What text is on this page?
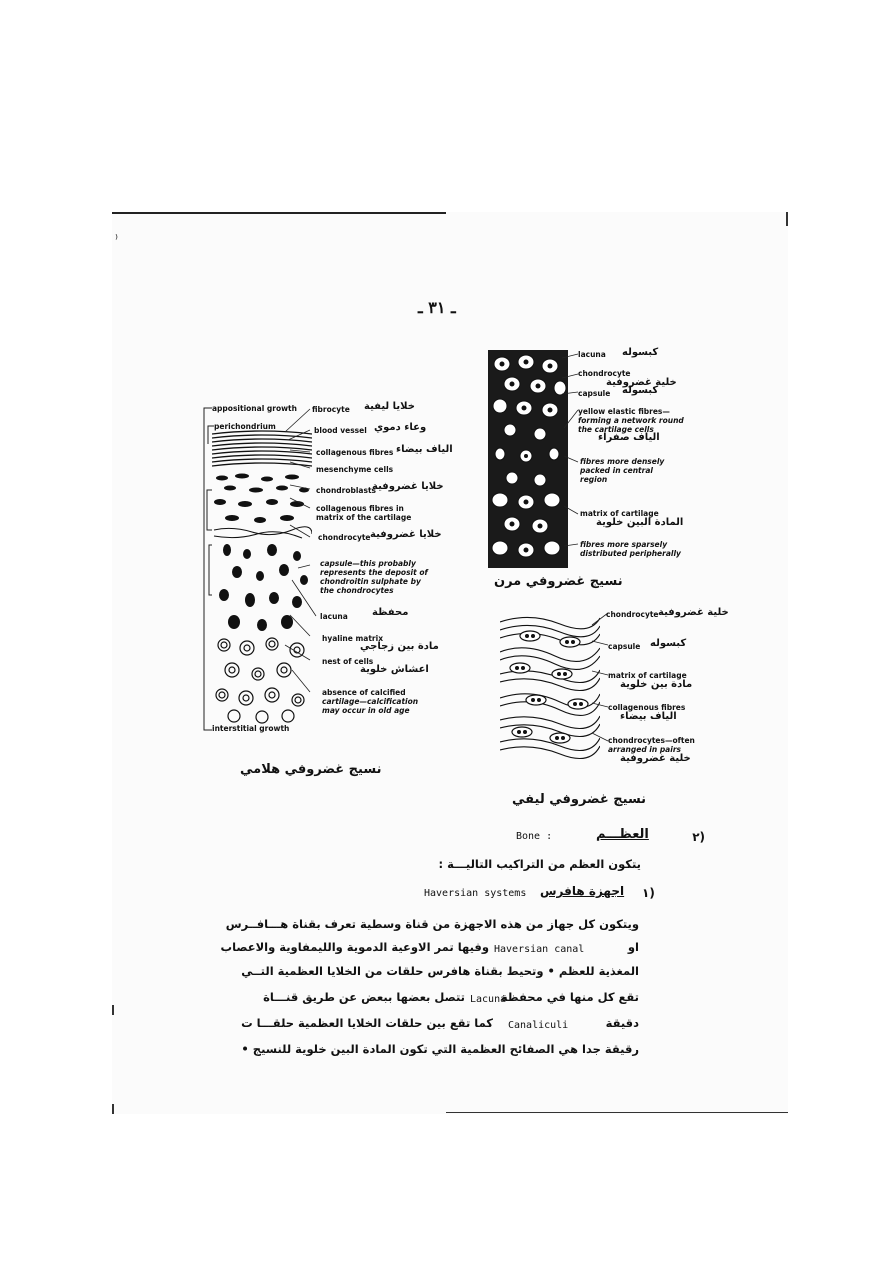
⁾
ـ ٣١ ـ
appositional growth
perichondrium
interstitial growth
fibrocyte خلايا ليفية
blood vessel وعاء دموي
collagenous fibres الياف بيضاء
mesenchyme cells
chondroblasts
خلايا غضروفية
collagenous fibres in
matrix of the cartilage
chondrocyte خلايا غضروفية
capsule—this probably
represents the deposit of
chondroitin sulphate by
the chondrocytes
lacuna محفظة
hyaline matrix
مادة بين زجاجي
nest of cells
اعشاش خلوية
absence of calcified
cartilage—calcification
may occur in old age
نسيج غضروفي هلامي
lacuna كبسوله
chondrocyte
خلية غضروفية
capsule كبسوله
yellow elastic fibres—
forming a network round
the cartilage cells
الياف صفراء
fibres more densely
packed in central
region
matrix of cartilage
المادة البين خلوية
fibres more sparsely
distributed peripherally
نسيج غضروفي مرن
chondrocyte خلية غضروفية
capsule كبسوله
matrix of cartilage
مادة بين خلوية
collagenous fibres
الياف بيضاء
chondrocytes—often
arranged in pairs
خلية غضروفية
نسيج غضروفي ليفي
٢)
العظـــم
Bone :
يتكون العظم من التراكيب التاليـــة :
١)
اجهزة هافرس
Haversian systems
ويتكون كل جهاز من هذه الاجهزة من قناة وسطية تعرف بقناة هـــافــرس
او
Haversian canal
وفيها تمر الاوعية الدموية والليمفاوية والاعصاب
المغذية للعظم • وتحيط بقناة هافرس حلقات من الخلايا العظمية التــي
تقع كل منها في محفظة
Lacuna
تتصل بعضها ببعض عن طريق قنـــاة
دقيقة
Canaliculi
كما تقع بين حلقات الخلايا العظمية حلقـــا ت
رقيقة جدا هي الصفائح العظمية التي تكون المادة البين خلوية للنسيج •
